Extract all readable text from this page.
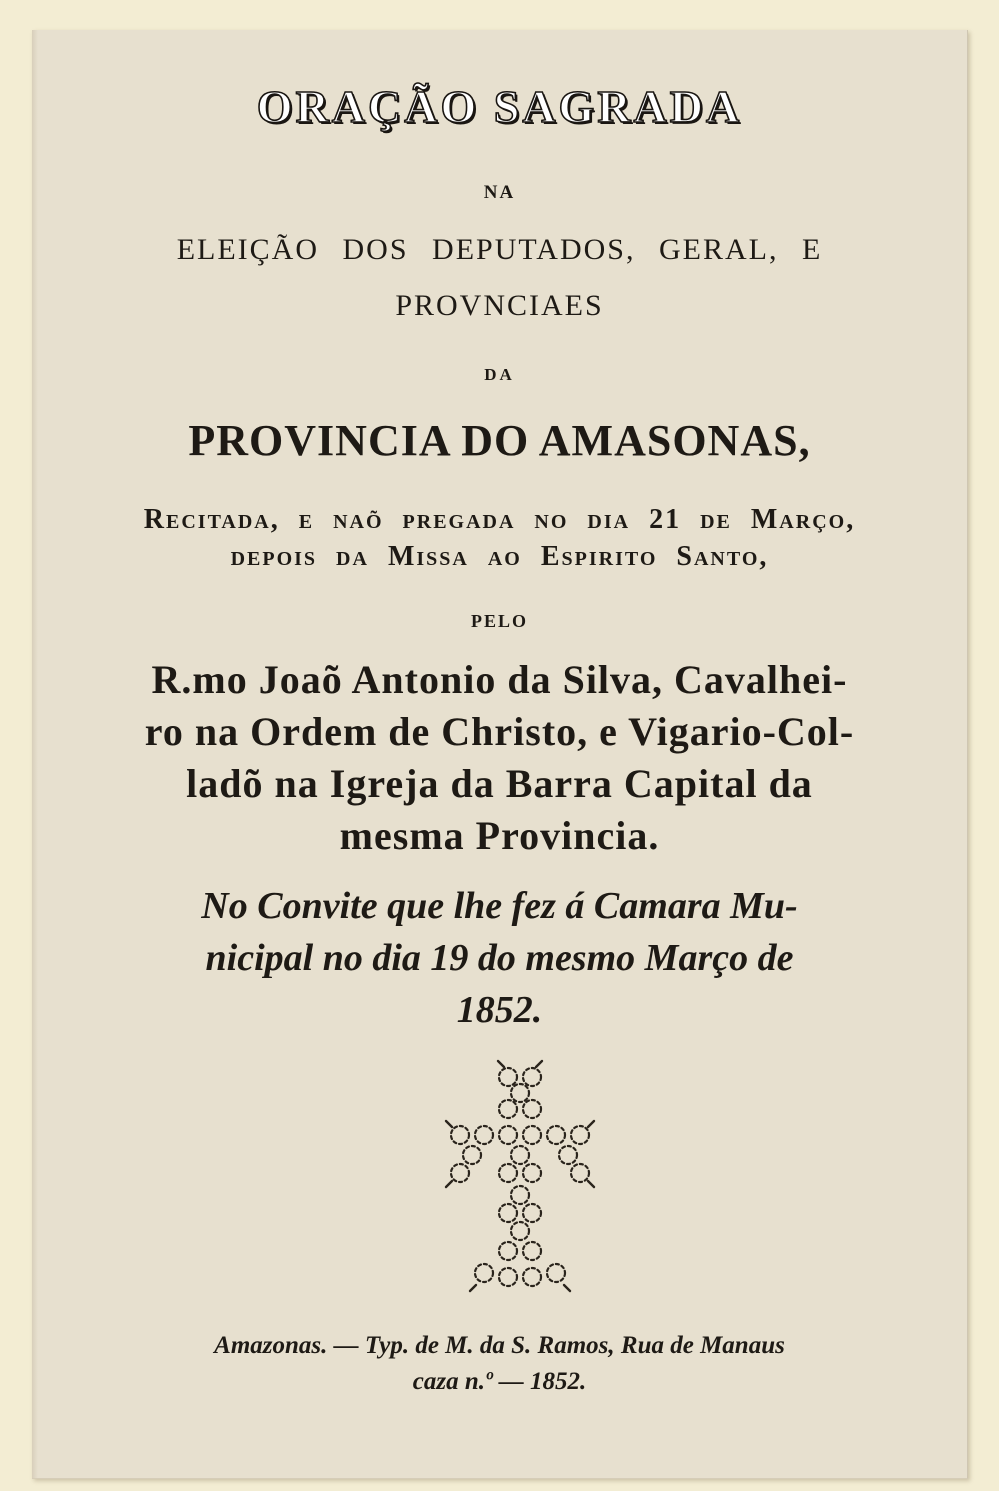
ORAÇÃO SAGRADA
NA
ELEIÇÃO DOS DEPUTADOS, GERAL, E
PROVNCIAES
DA
PROVINCIA DO AMASONAS,
Recitada, e naõ pregada no dia 21 de Março,
depois da Missa ao Espirito Santo,
PELO
R.mo Joaõ Antonio da Silva, Cavalhei-
ro na Ordem de Christo, e Vigario-Col-
ladõ na Igreja da Barra Capital da
mesma Provincia.
No Convite que lhe fez á Camara Mu-
nicipal no dia 19 do mesmo Março de
1852.
Amazonas. — Typ. de M. da S. Ramos, Rua de Manaus
caza n.º — 1852.
